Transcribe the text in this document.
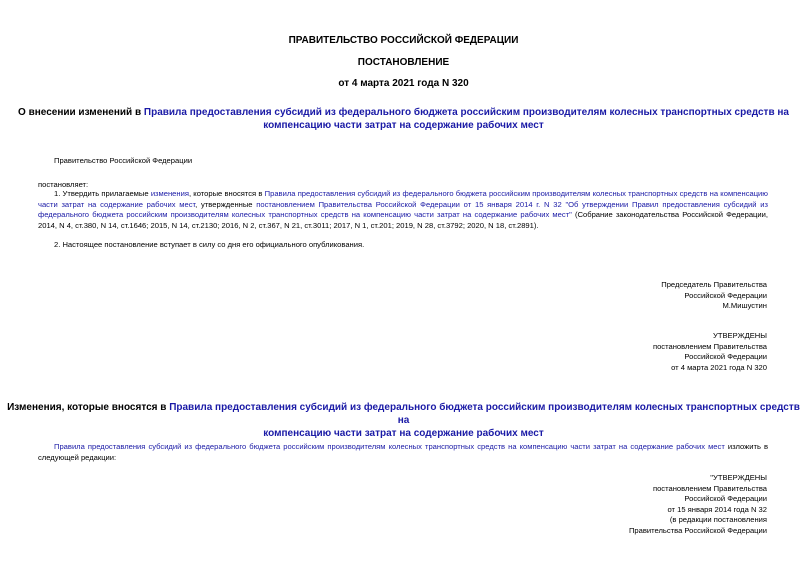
ПРАВИТЕЛЬСТВО РОССИЙСКОЙ ФЕДЕРАЦИИ
ПОСТАНОВЛЕНИЕ
от 4 марта 2021 года N 320
О внесении изменений в Правила предоставления субсидий из федерального бюджета российским производителям колесных транспортных средств на
компенсацию части затрат на содержание рабочих мест
Правительство Российской Федерации
постановляет:
1. Утвердить прилагаемые изменения, которые вносятся в Правила предоставления субсидий из федерального бюджета российским производителям колесных транспортных средств на компенсацию части затрат на содержание рабочих мест, утвержденные постановлением Правительства Российской Федерации от 15 января 2014 г. N 32 "Об утверждении Правил предоставления субсидий из федерального бюджета российским производителям колесных транспортных средств на компенсацию части затрат на содержание рабочих мест" (Собрание законодательства Российской Федерации, 2014, N 4, ст.380, N 14, ст.1646; 2015, N 14, ст.2130; 2016, N 2, ст.367, N 21, ст.3011; 2017, N 1, ст.201; 2019, N 28, ст.3792; 2020, N 18, ст.2891).
2. Настоящее постановление вступает в силу со дня его официального опубликования.
Председатель Правительства
Российской Федерации
М.Мишустин
УТВЕРЖДЕНЫ
постановлением Правительства
Российской Федерации
от 4 марта 2021 года N 320
Изменения, которые вносятся в Правила предоставления субсидий из федерального бюджета российским производителям колесных транспортных средств на
компенсацию части затрат на содержание рабочих мест
Правила предоставления субсидий из федерального бюджета российским производителям колесных транспортных средств на компенсацию части затрат на содержание рабочих мест изложить в следующей редакции:
"УТВЕРЖДЕНЫ
постановлением Правительства
Российской Федерации
от 15 января 2014 года N 32
(в редакции постановления
Правительства Российской Федерации
